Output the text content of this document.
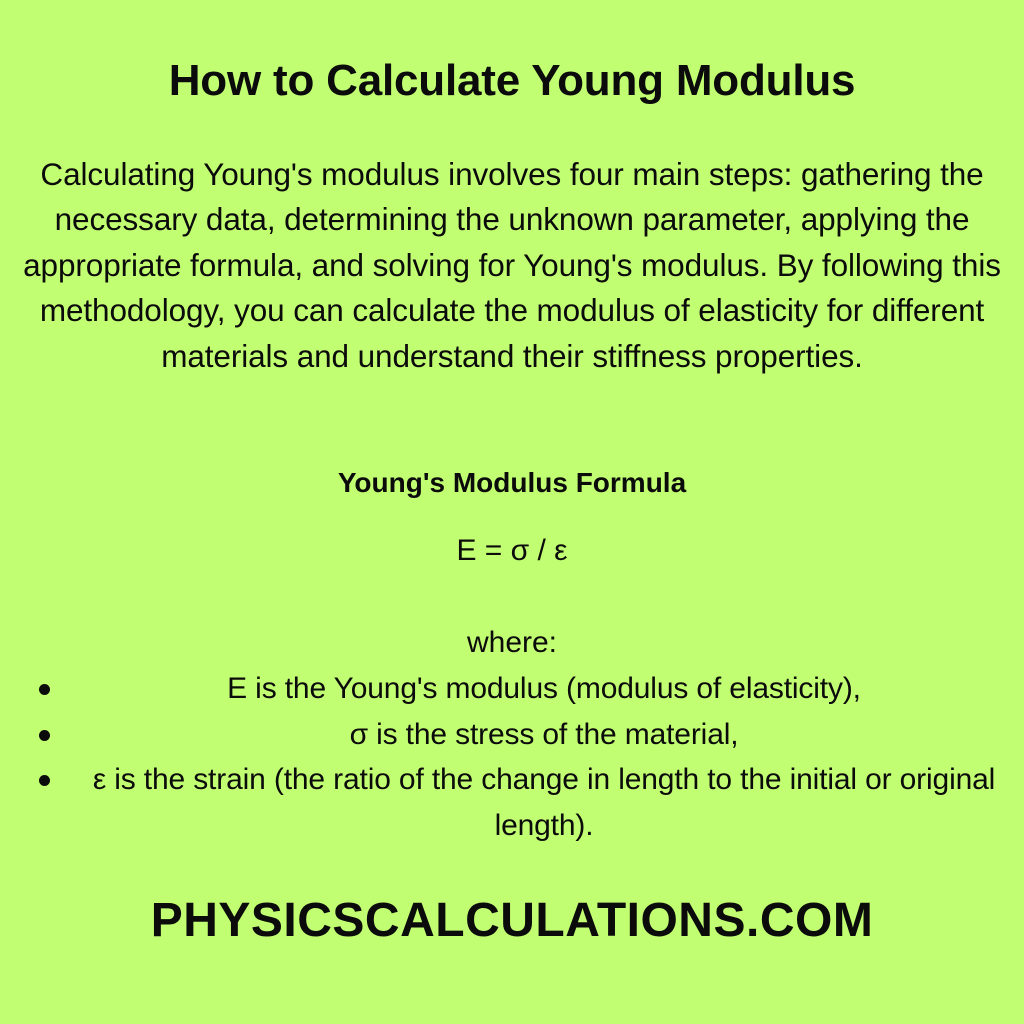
How to Calculate Young Modulus

Calculating Young's modulus involves four main steps: gathering the necessary data, determining the unknown parameter, applying the appropriate formula, and solving for Young's modulus. By following this methodology, you can calculate the modulus of elasticity for different materials and understand their stiffness properties.

Young's Modulus Formula
E = σ / ε
where:
E is the Young's modulus (modulus of elasticity),
σ is the stress of the material,
ε is the strain (the ratio of the change in length to the initial or original length).
PHYSICSCALCULATIONS.COM
